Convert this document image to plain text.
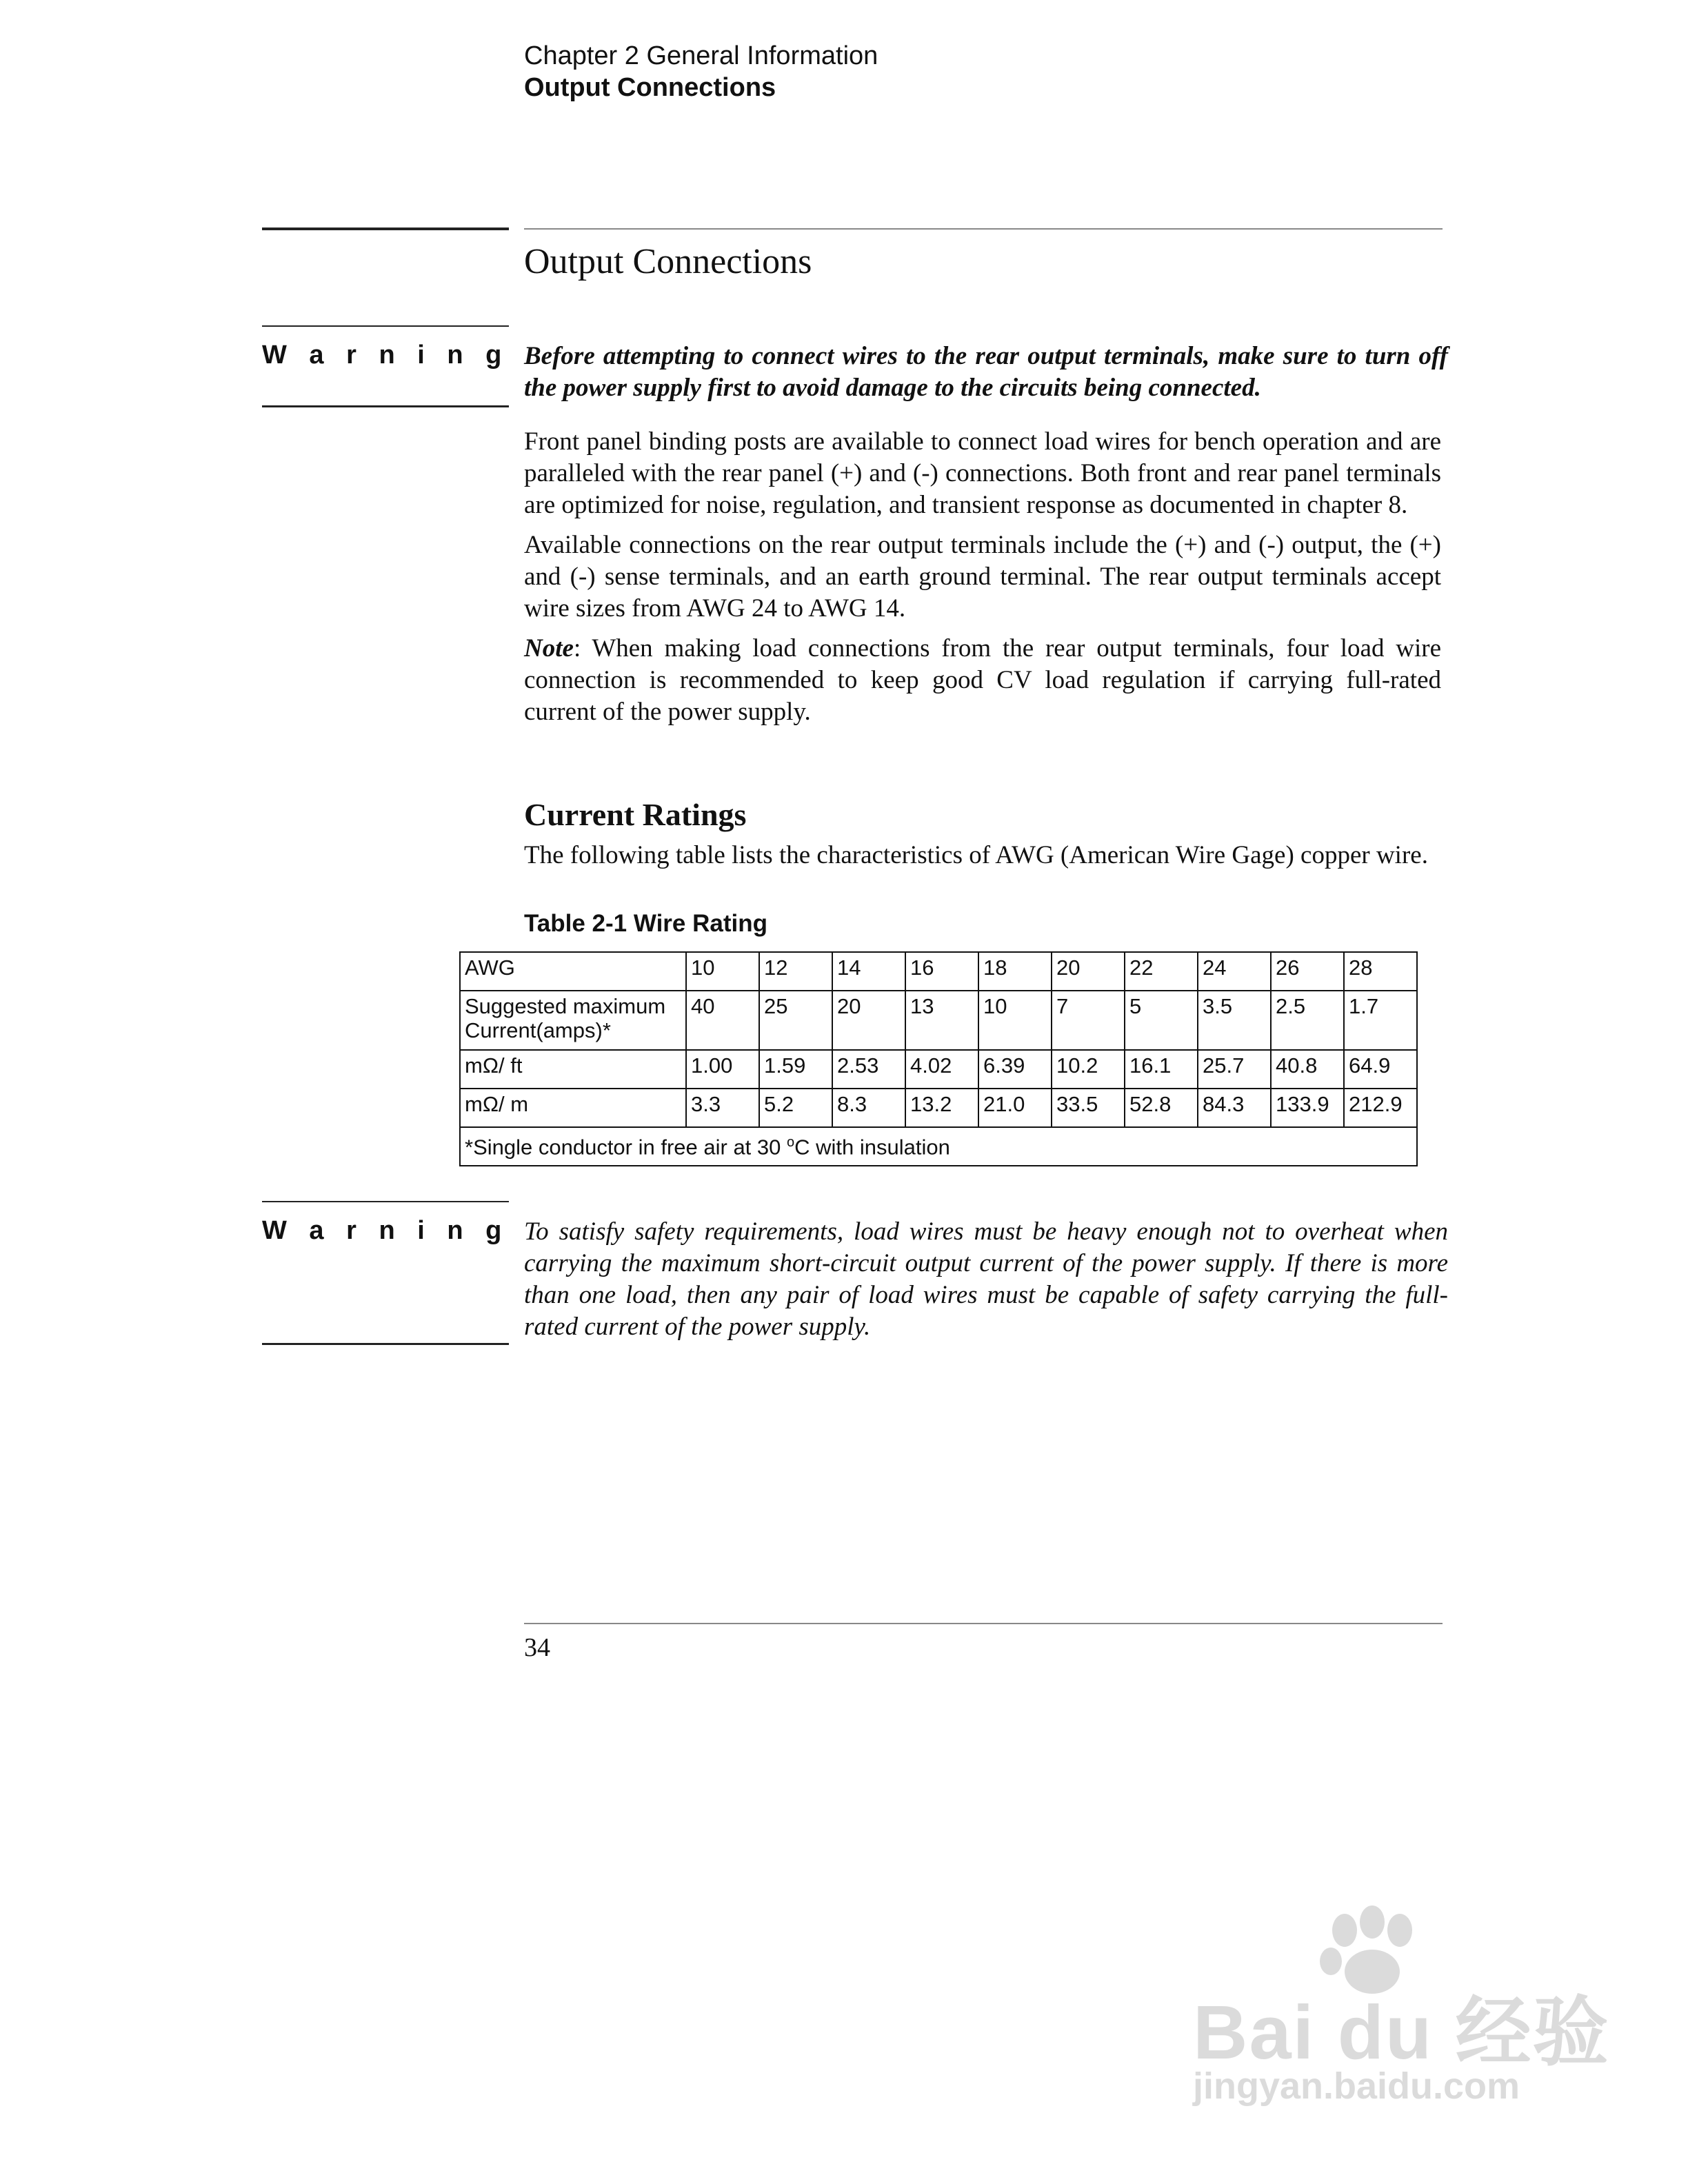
Chapter 2 General Information
Output Connections
Output Connections
W a r n i n g Before attempting to connect wires to the rear output terminals, make sure to turn off the power supply first to avoid damage to the circuits being connected.

Front panel binding posts are available to connect load wires for bench operation and are paralleled with the rear panel (+) and (-) connections. Both front and rear panel terminals are optimized for noise, regulation, and transient response as documented in chapter 8.

Available connections on the rear output terminals include the (+) and (-) output, the (+) and (-) sense terminals, and an earth ground terminal. The rear output terminals accept wire sizes from AWG 24 to AWG 14.

Note: When making load connections from the rear output terminals, four load wire connection is recommended to keep good CV load regulation if carrying full-rated current of the power supply.

Current Ratings
The following table lists the characteristics of AWG (American Wire Gage) copper wire.
Table 2-1 Wire Rating
AWG	10	12	14	16	18	20	22	24	26	28
Suggested maximum Current(amps)*	40	25	20	13	10	7	5	3.5	2.5	1.7
mΩ/ ft	1.00	1.59	2.53	4.02	6.39	10.2	16.1	25.7	40.8	64.9
mΩ/ m	3.3	5.2	8.3	13.2	21.0	33.5	52.8	84.3	133.9	212.9
*Single conductor in free air at 30 $^o$C with insulation										
W a r n i n g To satisfy safety requirements, load wires must be heavy enough not to overheat when carrying the maximum short-circuit output current of the power supply. If there is more than one load, then any pair of load wires must be capable of safety carrying the full-rated current of the power supply.
34
Bai du 经验
jingyan.baidu.com
